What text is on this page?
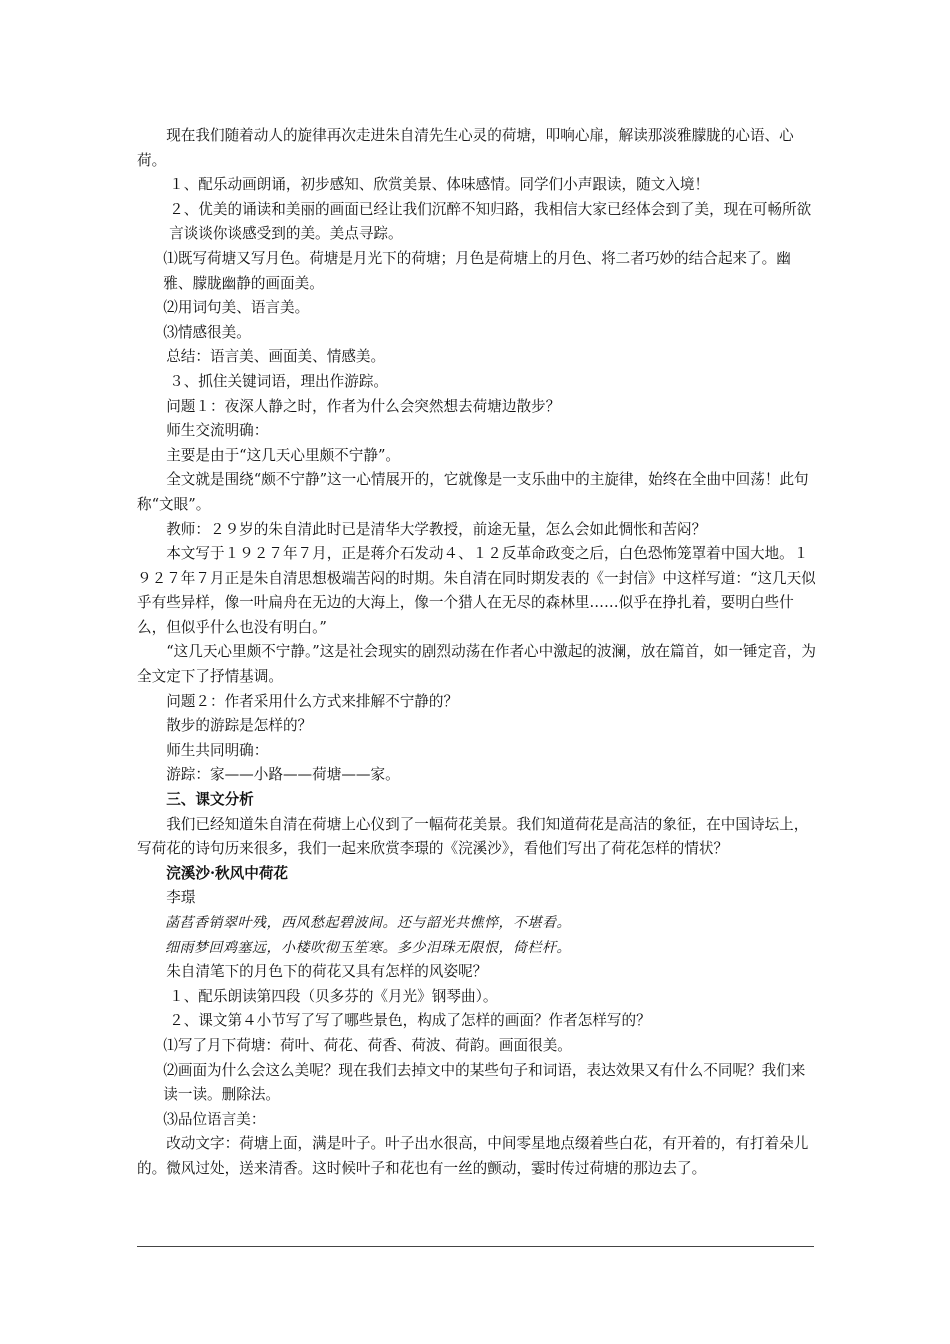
现在我们随着动人的旋律再次走进朱自清先生心灵的荷塘，叩响心扉，解读那淡雅朦胧的心语、心荷。

１、配乐动画朗诵，初步感知、欣赏美景、体味感情。同学们小声跟读，随文入境！

２、优美的诵读和美丽的画面已经让我们沉醉不知归路，我相信大家已经体会到了美，现在可畅所欲言谈谈你谈感受到的美。美点寻踪。

⑴既写荷塘又写月色。荷塘是月光下的荷塘；月色是荷塘上的月色、将二者巧妙的结合起来了。幽雅、朦胧幽静的画面美。

⑵用词句美、语言美。

⑶情感很美。

总结：语言美、画面美、情感美。

３、抓住关键词语，理出作游踪。

问题１：夜深人静之时，作者为什么会突然想去荷塘边散步？

师生交流明确：

主要是由于“这几天心里颇不宁静”。

全文就是围绕“颇不宁静”这一心情展开的，它就像是一支乐曲中的主旋律，始终在全曲中回荡！此句称“文眼”。

教师：２９岁的朱自清此时已是清华大学教授，前途无量，怎么会如此惆怅和苦闷？

本文写于１９２７年７月，正是蒋介石发动４、１２反革命政变之后，白色恐怖笼罩着中国大地。１９２７年７月正是朱自清思想极端苦闷的时期。朱自清在同时期发表的《一封信》中这样写道：“这几天似乎有些异样，像一叶扁舟在无边的大海上，像一个猎人在无尽的森林里……似乎在挣扎着，要明白些什么，但似乎什么也没有明白。”

“这几天心里颇不宁静。”这是社会现实的剧烈动荡在作者心中激起的波澜，放在篇首，如一锤定音，为全文定下了抒情基调。

问题２：作者采用什么方式来排解不宁静的？

散步的游踪是怎样的？

师生共同明确：

游踪：家——小路——荷塘——家。

三、课文分析

我们已经知道朱自清在荷塘上心仪到了一幅荷花美景。我们知道荷花是高洁的象征，在中国诗坛上，写荷花的诗句历来很多，我们一起来欣赏李璟的《浣溪沙》，看他们写出了荷花怎样的情状？

浣溪沙·秋风中荷花

李璟

菡萏香销翠叶残，西风愁起碧波间。还与韶光共憔悴，不堪看。

细雨梦回鸡塞远，小楼吹彻玉笙寒。多少泪珠无限恨，倚栏杆。

朱自清笔下的月色下的荷花又具有怎样的风姿呢？

１、配乐朗读第四段（贝多芬的《月光》钢琴曲）。

２、课文第４小节写了写了哪些景色，构成了怎样的画面？作者怎样写的？

⑴写了月下荷塘：荷叶、荷花、荷香、荷波、荷韵。画面很美。

⑵画面为什么会这么美呢？现在我们去掉文中的某些句子和词语，表达效果又有什么不同呢？我们来读一读。删除法。

⑶品位语言美：

改动文字：荷塘上面，满是叶子。叶子出水很高，中间零星地点缀着些白花，有开着的，有打着朵儿的。微风过处，送来清香。这时候叶子和花也有一丝的颤动，霎时传过荷塘的那边去了。
